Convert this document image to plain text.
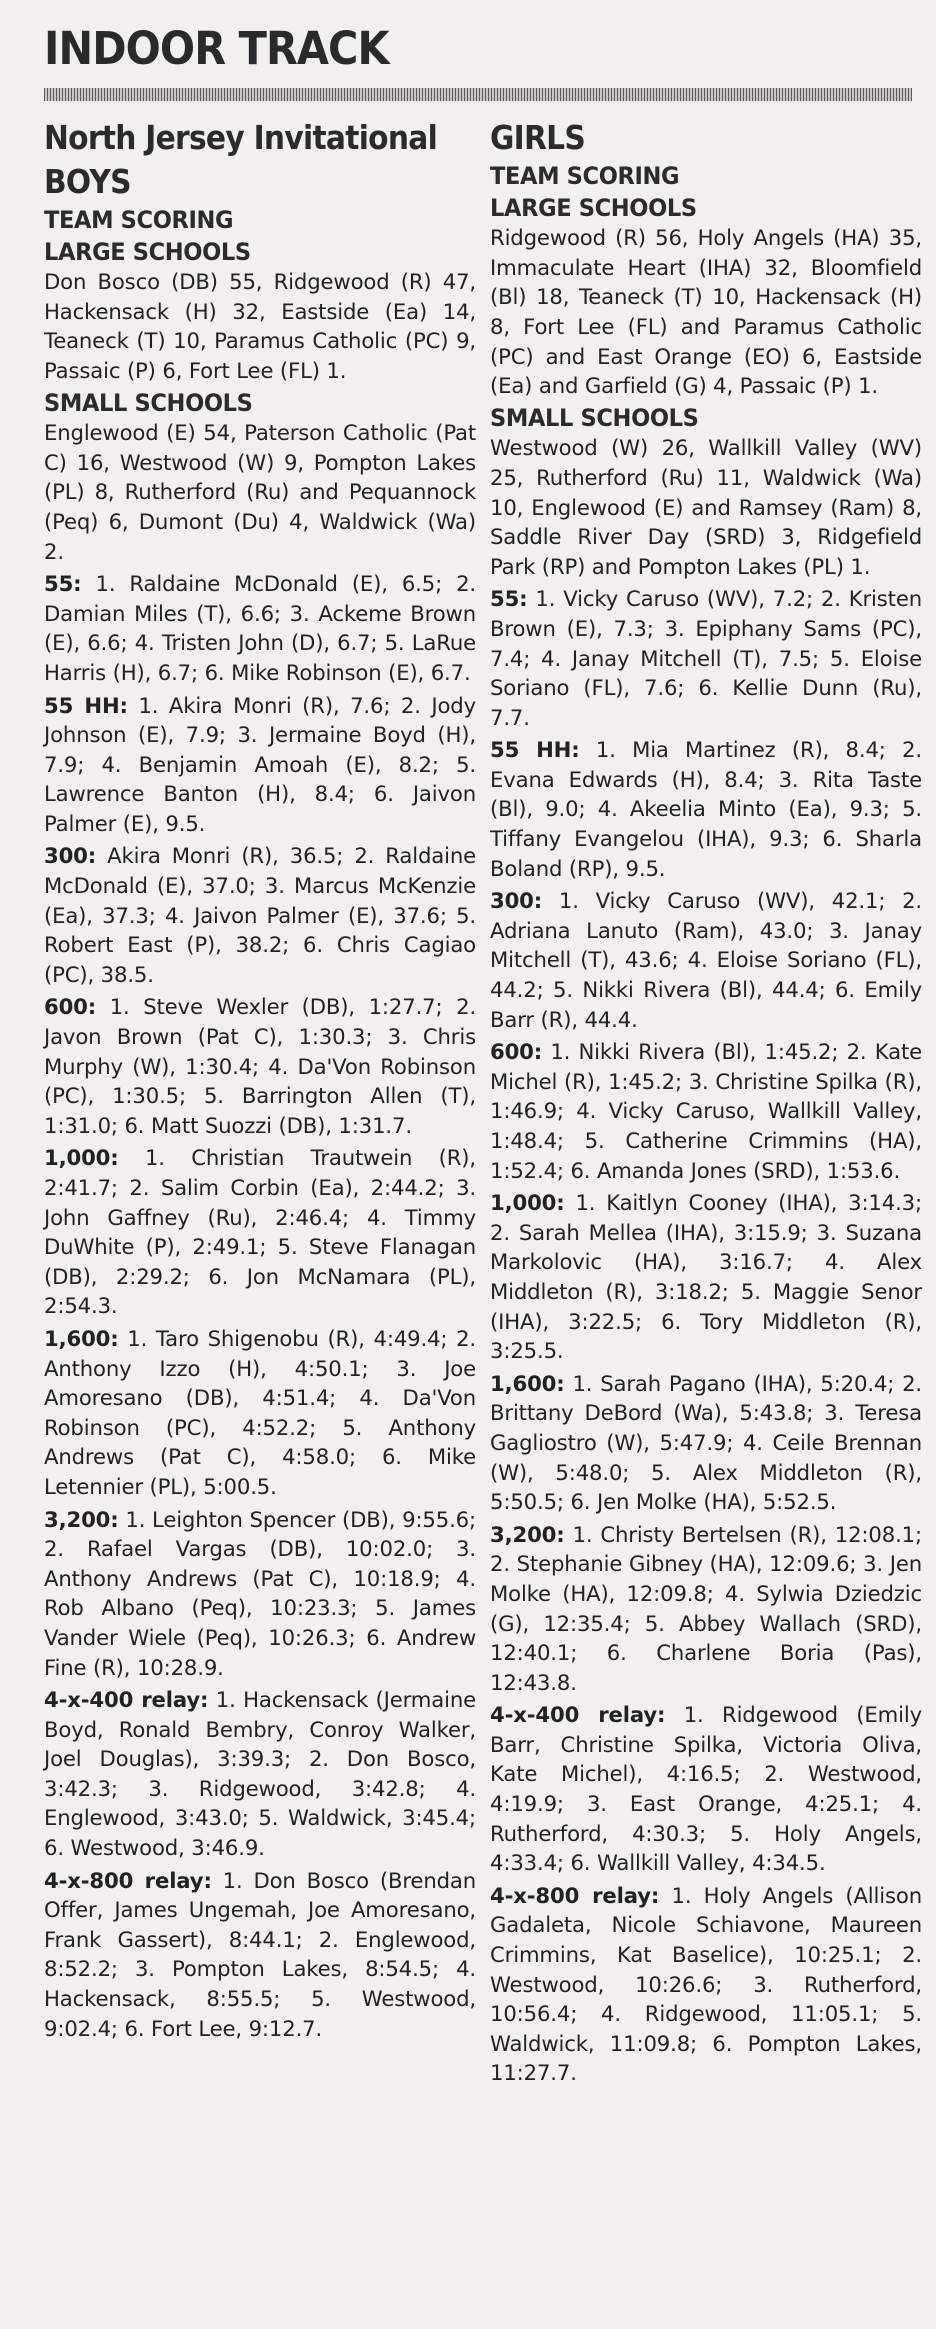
INDOOR TRACK
North Jersey Invitational
BOYS
TEAM SCORING
LARGE SCHOOLS

Don Bosco (DB) 55, Ridgewood (R) 47, Hackensack (H) 32, Eastside (Ea) 14, Teaneck (T) 10, Paramus Catholic (PC) 9, Passaic (P) 6, Fort Lee (FL) 1.

SMALL SCHOOLS

Englewood (E) 54, Paterson Catholic (Pat C) 16, Westwood (W) 9, Pompton Lakes (PL) 8, Rutherford (Ru) and Pequannock (Peq) 6, Dumont (Du) 4, Waldwick (Wa) 2.

55: 1. Raldaine McDonald (E), 6.5; 2. Damian Miles (T), 6.6; 3. Ackeme Brown (E), 6.6; 4. Tristen John (D), 6.7; 5. LaRue Harris (H), 6.7; 6. Mike Robinson (E), 6.7.

55 HH: 1. Akira Monri (R), 7.6; 2. Jody Johnson (E), 7.9; 3. Jermaine Boyd (H), 7.9; 4. Benjamin Amoah (E), 8.2; 5. Lawrence Banton (H), 8.4; 6. Jaivon Palmer (E), 9.5.

300: Akira Monri (R), 36.5; 2. Raldaine McDonald (E), 37.0; 3. Marcus McKenzie (Ea), 37.3; 4. Jaivon Palmer (E), 37.6; 5. Robert East (P), 38.2; 6. Chris Cagiao (PC), 38.5.

600: 1. Steve Wexler (DB), 1:27.7; 2. Javon Brown (Pat C), 1:30.3; 3. Chris Murphy (W), 1:30.4; 4. Da'Von Robinson (PC), 1:30.5; 5. Barrington Allen (T), 1:31.0; 6. Matt Suozzi (DB), 1:31.7.

1,000: 1. Christian Trautwein (R), 2:41.7; 2. Salim Corbin (Ea), 2:44.2; 3. John Gaffney (Ru), 2:46.4; 4. Timmy DuWhite (P), 2:49.1; 5. Steve Flanagan (DB), 2:29.2; 6. Jon McNamara (PL), 2:54.3.

1,600: 1. Taro Shigenobu (R), 4:49.4; 2. Anthony Izzo (H), 4:50.1; 3. Joe Amoresano (DB), 4:51.4; 4. Da'Von Robinson (PC), 4:52.2; 5. Anthony Andrews (Pat C), 4:58.0; 6. Mike Letennier (PL), 5:00.5.

3,200: 1. Leighton Spencer (DB), 9:55.6; 2. Rafael Vargas (DB), 10:02.0; 3. Anthony Andrews (Pat C), 10:18.9; 4. Rob Albano (Peq), 10:23.3; 5. James Vander Wiele (Peq), 10:26.3; 6. Andrew Fine (R), 10:28.9.

4-x-400 relay: 1. Hackensack (Jermaine Boyd, Ronald Bembry, Conroy Walker, Joel Douglas), 3:39.3; 2. Don Bosco, 3:42.3; 3. Ridgewood, 3:42.8; 4. Englewood, 3:43.0; 5. Waldwick, 3:45.4; 6. Westwood, 3:46.9.

4-x-800 relay: 1. Don Bosco (Brendan Offer, James Ungemah, Joe Amoresano, Frank Gassert), 8:44.1; 2. Englewood, 8:52.2; 3. Pompton Lakes, 8:54.5; 4. Hackensack, 8:55.5; 5. Westwood, 9:02.4; 6. Fort Lee, 9:12.7.

GIRLS
TEAM SCORING
LARGE SCHOOLS

Ridgewood (R) 56, Holy Angels (HA) 35, Immaculate Heart (IHA) 32, Bloomfield (Bl) 18, Teaneck (T) 10, Hackensack (H) 8, Fort Lee (FL) and Paramus Catholic (PC) and East Orange (EO) 6, Eastside (Ea) and Garfield (G) 4, Passaic (P) 1.

SMALL SCHOOLS

Westwood (W) 26, Wallkill Valley (WV) 25, Rutherford (Ru) 11, Waldwick (Wa) 10, Englewood (E) and Ramsey (Ram) 8, Saddle River Day (SRD) 3, Ridgefield Park (RP) and Pompton Lakes (PL) 1.

55: 1. Vicky Caruso (WV), 7.2; 2. Kristen Brown (E), 7.3; 3. Epiphany Sams (PC), 7.4; 4. Janay Mitchell (T), 7.5; 5. Eloise Soriano (FL), 7.6; 6. Kellie Dunn (Ru), 7.7.

55 HH: 1. Mia Martinez (R), 8.4; 2. Evana Edwards (H), 8.4; 3. Rita Taste (Bl), 9.0; 4. Akeelia Minto (Ea), 9.3; 5. Tiffany Evangelou (IHA), 9.3; 6. Sharla Boland (RP), 9.5.

300: 1. Vicky Caruso (WV), 42.1; 2. Adriana Lanuto (Ram), 43.0; 3. Janay Mitchell (T), 43.6; 4. Eloise Soriano (FL), 44.2; 5. Nikki Rivera (Bl), 44.4; 6. Emily Barr (R), 44.4.

600: 1. Nikki Rivera (Bl), 1:45.2; 2. Kate Michel (R), 1:45.2; 3. Christine Spilka (R), 1:46.9; 4. Vicky Caruso, Wallkill Valley, 1:48.4; 5. Catherine Crimmins (HA), 1:52.4; 6. Amanda Jones (SRD), 1:53.6.

1,000: 1. Kaitlyn Cooney (IHA), 3:14.3; 2. Sarah Mellea (IHA), 3:15.9; 3. Suzana Markolovic (HA), 3:16.7; 4. Alex Middleton (R), 3:18.2; 5. Maggie Senor (IHA), 3:22.5; 6. Tory Middleton (R), 3:25.5.

1,600: 1. Sarah Pagano (IHA), 5:20.4; 2. Brittany DeBord (Wa), 5:43.8; 3. Teresa Gagliostro (W), 5:47.9; 4. Ceile Brennan (W), 5:48.0; 5. Alex Middleton (R), 5:50.5; 6. Jen Molke (HA), 5:52.5.

3,200: 1. Christy Bertelsen (R), 12:08.1; 2. Stephanie Gibney (HA), 12:09.6; 3. Jen Molke (HA), 12:09.8; 4. Sylwia Dziedzic (G), 12:35.4; 5. Abbey Wallach (SRD), 12:40.1; 6. Charlene Boria (Pas), 12:43.8.

4-x-400 relay: 1. Ridgewood (Emily Barr, Christine Spilka, Victoria Oliva, Kate Michel), 4:16.5; 2. Westwood, 4:19.9; 3. East Orange, 4:25.1; 4. Rutherford, 4:30.3; 5. Holy Angels, 4:33.4; 6. Wallkill Valley, 4:34.5.

4-x-800 relay: 1. Holy Angels (Allison Gadaleta, Nicole Schiavone, Maureen Crimmins, Kat Baselice), 10:25.1; 2. Westwood, 10:26.6; 3. Rutherford, 10:56.4; 4. Ridgewood, 11:05.1; 5. Waldwick, 11:09.8; 6. Pompton Lakes, 11:27.7.
